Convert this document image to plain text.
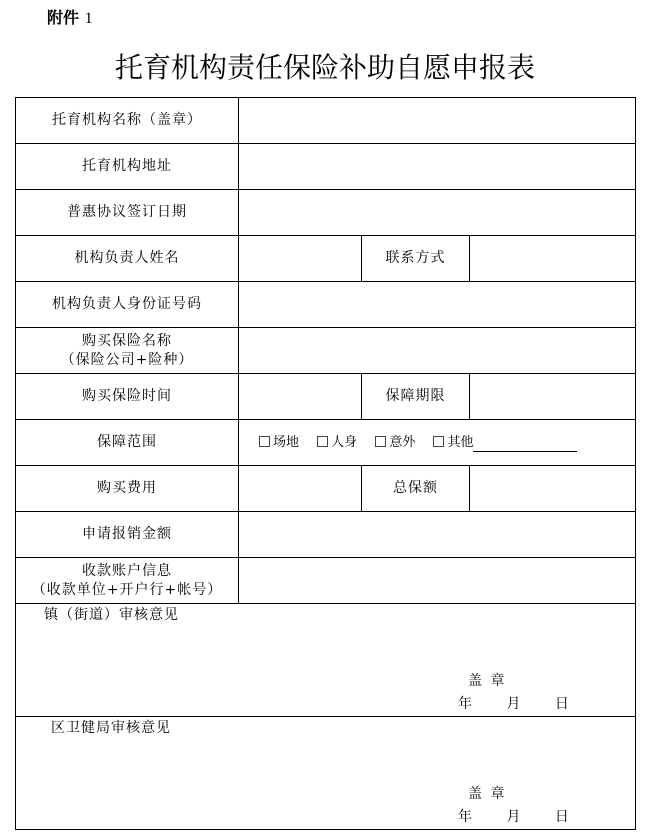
附件 1
托育机构责任保险补助自愿申报表
托育机构名称（盖章）			
托育机构地址			
普惠协议签订日期			
机构负责人姓名		联系方式	
机构负责人身份证号码			

购买保险名称
（保险公司+险种）			

购买保险时间		保障期限	
保障范围	场地 人身 意外 其他		
购买费用		总保额	
申请报销金额			

收款账户信息
（收款单位+开户行+帐号）			

镇（街道）审核意见
盖 章
年 月 日			

区卫健局审核意见
盖 章
年 月 日			
